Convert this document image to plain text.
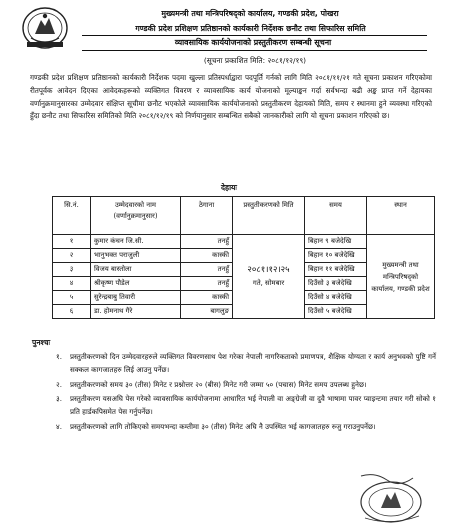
मुख्यमन्त्री तथा मन्त्रिपरिषद्को कार्यालय, गण्डकी प्रदेश, पोखरा
गण्डकी प्रदेश प्रशिक्षण प्रतिष्ठानको कार्यकारी निर्देशक छनौट तथा सिफारिस समिति
व्यावसायिक कार्ययोजनाको प्रस्तुतीकरण सम्बन्धी सूचना
(सूचना प्रकाशित मिति: २०८१/१२/१९)

गण्डकी प्रदेश प्रशिक्षण प्रतिष्ठानको कार्यकारी निर्देशक पदमा खुल्ला प्रतिस्पर्धाद्वारा पदपूर्ति गर्नको लागि मिति २०८१/११/२१ गते सूचना प्रकाशन गरिएकोमा रीतपूर्वक आवेदन दिएका आवेदकहरूको व्यक्तिगत विवरण र व्यावसायिक कार्य योजनाको मूल्याङ्कन गर्दा सर्वभन्दा बढी अङ्क प्राप्त गर्ने देहायका वर्णानुक्रमानुसारका उम्मेदवार संक्षिप्त सूचीमा छनौट भएकोले व्यावसायिक कार्ययोजनाको प्रस्तुतीकरण देहायको मिति, समय र स्थानमा हुने व्यवस्था गरिएको हुँदा छनौट तथा सिफारिस समितिको मिति २०८१/१२/१९ को निर्णयानुसार सम्बन्धित सबैको जानकारीको लागि यो सूचना प्रकाशन गरिएको छ।

देहायः
सि.नं.	उम्मेदवारको नाम (वर्णानुक्रमानुसार)	ठेगाना	प्रस्तुतीकरणको मिति	समय	स्थान
१	कुमार कंचन जि.सी.	तनहुँ	२०८१।१२।२५
गते, सोमबार	बिहान ९ बजेदेखि	मुख्यमन्त्री तथा मन्त्रिपरिषद्को कार्यालय, गण्डकी प्रदेश
२	भानुभक्त पराजुली	कास्की		बिहान १० बजेदेखि	
३	विजय बास्तोला	तनहुँ		बिहान ११ बजेदेखि	
४	श्रीकृष्ण पौडेल	तनहुँ		दिउँसो ३ बजेदेखि	
५	सुरेन्द्रबाबु तिवारी	कास्की		दिउँसो ४ बजेदेखि	
६	डा. होमनाथ गैरे	बागलुङ		दिउँसो ५ बजेदेखि	
पुनश्चः
१. प्रस्तुतीकरणको दिन उम्मेदवारहरुले व्यक्तिगत विवरणसाथ पेश गरेका नेपाली नागरिकताको प्रमाणपत्र, शैक्षिक योग्यता र कार्य अनुभवको पुष्टि गर्ने सक्कल कागजातहरु लिई आउनु पर्नेछ।
२. प्रस्तुतीकरणको समय ३० (तीस) मिनेट र प्रश्नोत्तर २० (बीस) मिनेट गरी जम्मा ५० (पचास) मिनेट समय उपलब्ध हुनेछ।
३. प्रस्तुतीकरण यसअघि पेस गरेको व्यावसायिक कार्ययोजनामा आधारित भई नेपाली वा अङ्ग्रेजी वा दुवै भाषामा पावर प्वाइन्टमा तयार गरी सोको १ प्रति हार्डकपिसमेत पेस गर्नुपर्नेछ।
४. प्रस्तुतीकरणको लागि तोकिएको समयभन्दा कम्तीमा ३० (तीस) मिनेट अघि नै उपस्थित भई कागजातहरु रुजु गराउनुपर्नेछ।
